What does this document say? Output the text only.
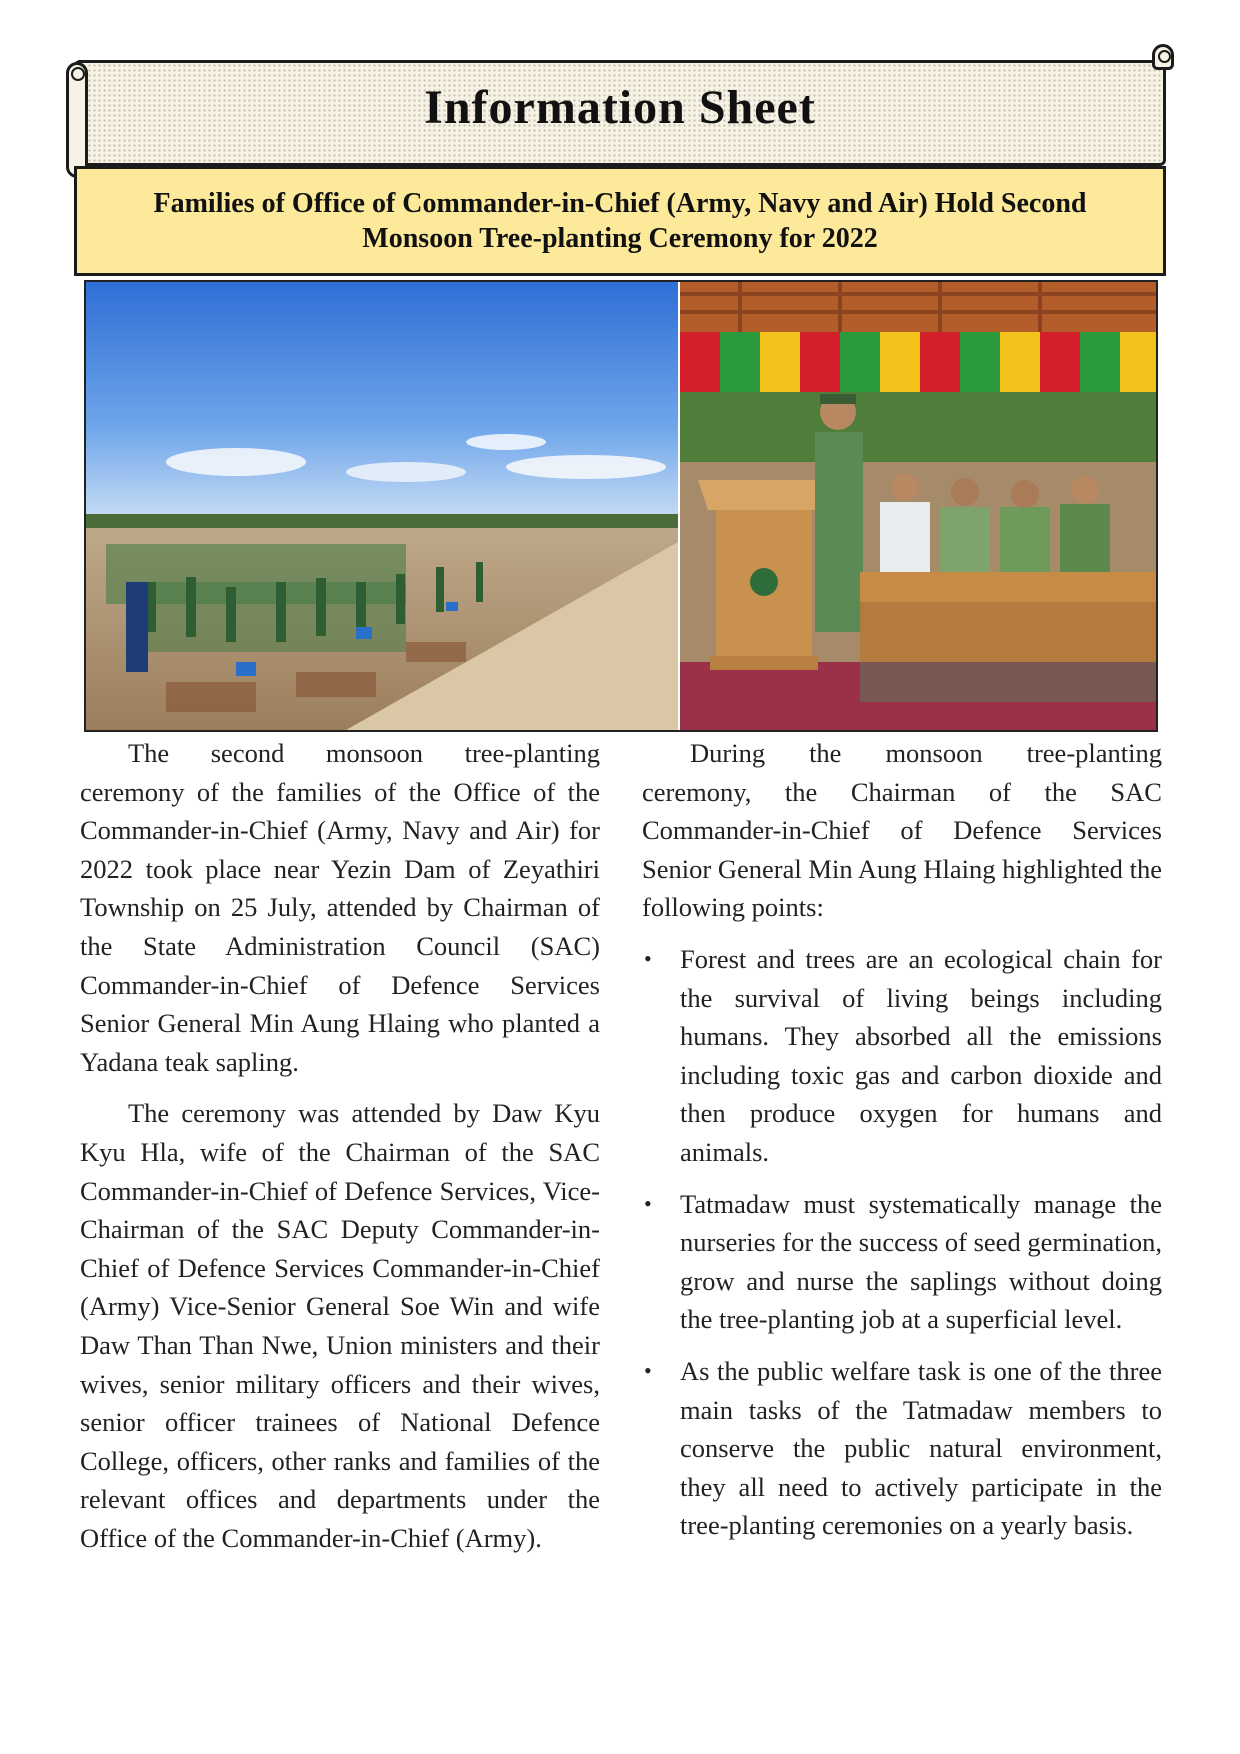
Information Sheet
Families of Office of Commander-in-Chief (Army, Navy and Air) Hold Second Monsoon Tree-planting Ceremony for 2022

The second monsoon tree-planting ceremony of the families of the Office of the Commander-in-Chief (Army, Navy and Air) for 2022 took place near Yezin Dam of Zeyathiri Township on 25 July, attended by Chairman of the State Administration Council (SAC) Commander-in-Chief of Defence Services Senior General Min Aung Hlaing who planted a Yadana teak sapling.

The ceremony was attended by Daw Kyu Kyu Hla, wife of the Chairman of the SAC Commander-in-Chief of Defence Services, Vice-Chairman of the SAC Deputy Commander-in-Chief of Defence Services Commander-in-Chief (Army) Vice-Senior General Soe Win and wife Daw Than Than Nwe, Union ministers and their wives, senior military officers and their wives, senior officer trainees of National Defence College, officers, other ranks and families of the relevant offices and departments under the Office of the Commander-in-Chief (Army).

During the monsoon tree-planting ceremony, the Chairman of the SAC Commander-in-Chief of Defence Services Senior General Min Aung Hlaing highlighted the following points:

• Forest and trees are an ecological chain for the survival of living beings including humans. They absorbed all the emissions including toxic gas and carbon dioxide and then produce oxygen for humans and animals.
• Tatmadaw must systematically manage the nurseries for the success of seed germination, grow and nurse the saplings without doing the tree-planting job at a superficial level.
• As the public welfare task is one of the three main tasks of the Tatmadaw members to conserve the public natural environment, they all need to actively participate in the tree-planting ceremonies on a yearly basis.
